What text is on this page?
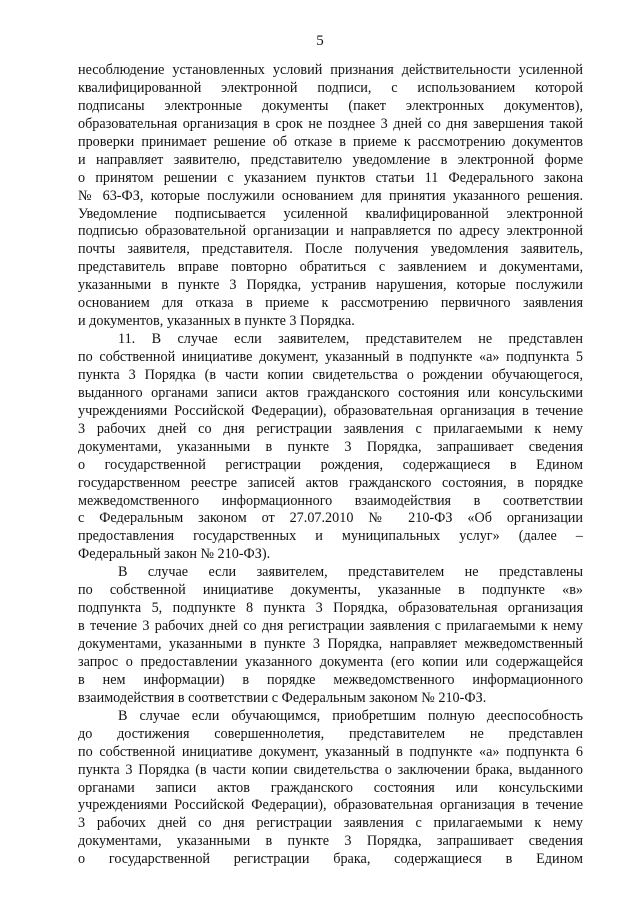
5
несоблюдение установленных условий признания действительности усиленной
квалифицированной электронной подписи, с использованием которой
подписаны электронные документы (пакет электронных документов),
образовательная организация в срок не позднее 3 дней со дня завершения такой
проверки принимает решение об отказе в приеме к рассмотрению документов
и направляет заявителю, представителю уведомление в электронной форме
о принятом решении с указанием пунктов статьи 11 Федерального закона
№ 63-ФЗ, которые послужили основанием для принятия указанного решения.
Уведомление подписывается усиленной квалифицированной электронной
подписью образовательной организации и направляется по адресу электронной
почты заявителя, представителя. После получения уведомления заявитель,
представитель вправе повторно обратиться с заявлением и документами,
указанными в пункте 3 Порядка, устранив нарушения, которые послужили
основанием для отказа в приеме к рассмотрению первичного заявления
и документов, указанных в пункте 3 Порядка.
11. В случае если заявителем, представителем не представлен
по собственной инициативе документ, указанный в подпункте «а» подпункта 5
пункта 3 Порядка (в части копии свидетельства о рождении обучающегося,
выданного органами записи актов гражданского состояния или консульскими
учреждениями Российской Федерации), образовательная организация в течение
3 рабочих дней со дня регистрации заявления с прилагаемыми к нему
документами, указанными в пункте 3 Порядка, запрашивает сведения
о государственной регистрации рождения, содержащиеся в Едином
государственном реестре записей актов гражданского состояния, в порядке
межведомственного информационного взаимодействия в соответствии
с Федеральным законом от 27.07.2010 № 210-ФЗ «Об организации
предоставления государственных и муниципальных услуг» (далее –
Федеральный закон № 210-ФЗ).
В случае если заявителем, представителем не представлены
по собственной инициативе документы, указанные в подпункте «в»
подпункта 5, подпункте 8 пункта 3 Порядка, образовательная организация
в течение 3 рабочих дней со дня регистрации заявления с прилагаемыми к нему
документами, указанными в пункте 3 Порядка, направляет межведомственный
запрос о предоставлении указанного документа (его копии или содержащейся
в нем информации) в порядке межведомственного информационного
взаимодействия в соответствии с Федеральным законом № 210-ФЗ.
В случае если обучающимся, приобретшим полную дееспособность
до достижения совершеннолетия, представителем не представлен
по собственной инициативе документ, указанный в подпункте «а» подпункта 6
пункта 3 Порядка (в части копии свидетельства о заключении брака, выданного
органами записи актов гражданского состояния или консульскими
учреждениями Российской Федерации), образовательная организация в течение
3 рабочих дней со дня регистрации заявления с прилагаемыми к нему
документами, указанными в пункте 3 Порядка, запрашивает сведения
о государственной регистрации брака, содержащиеся в Едином
